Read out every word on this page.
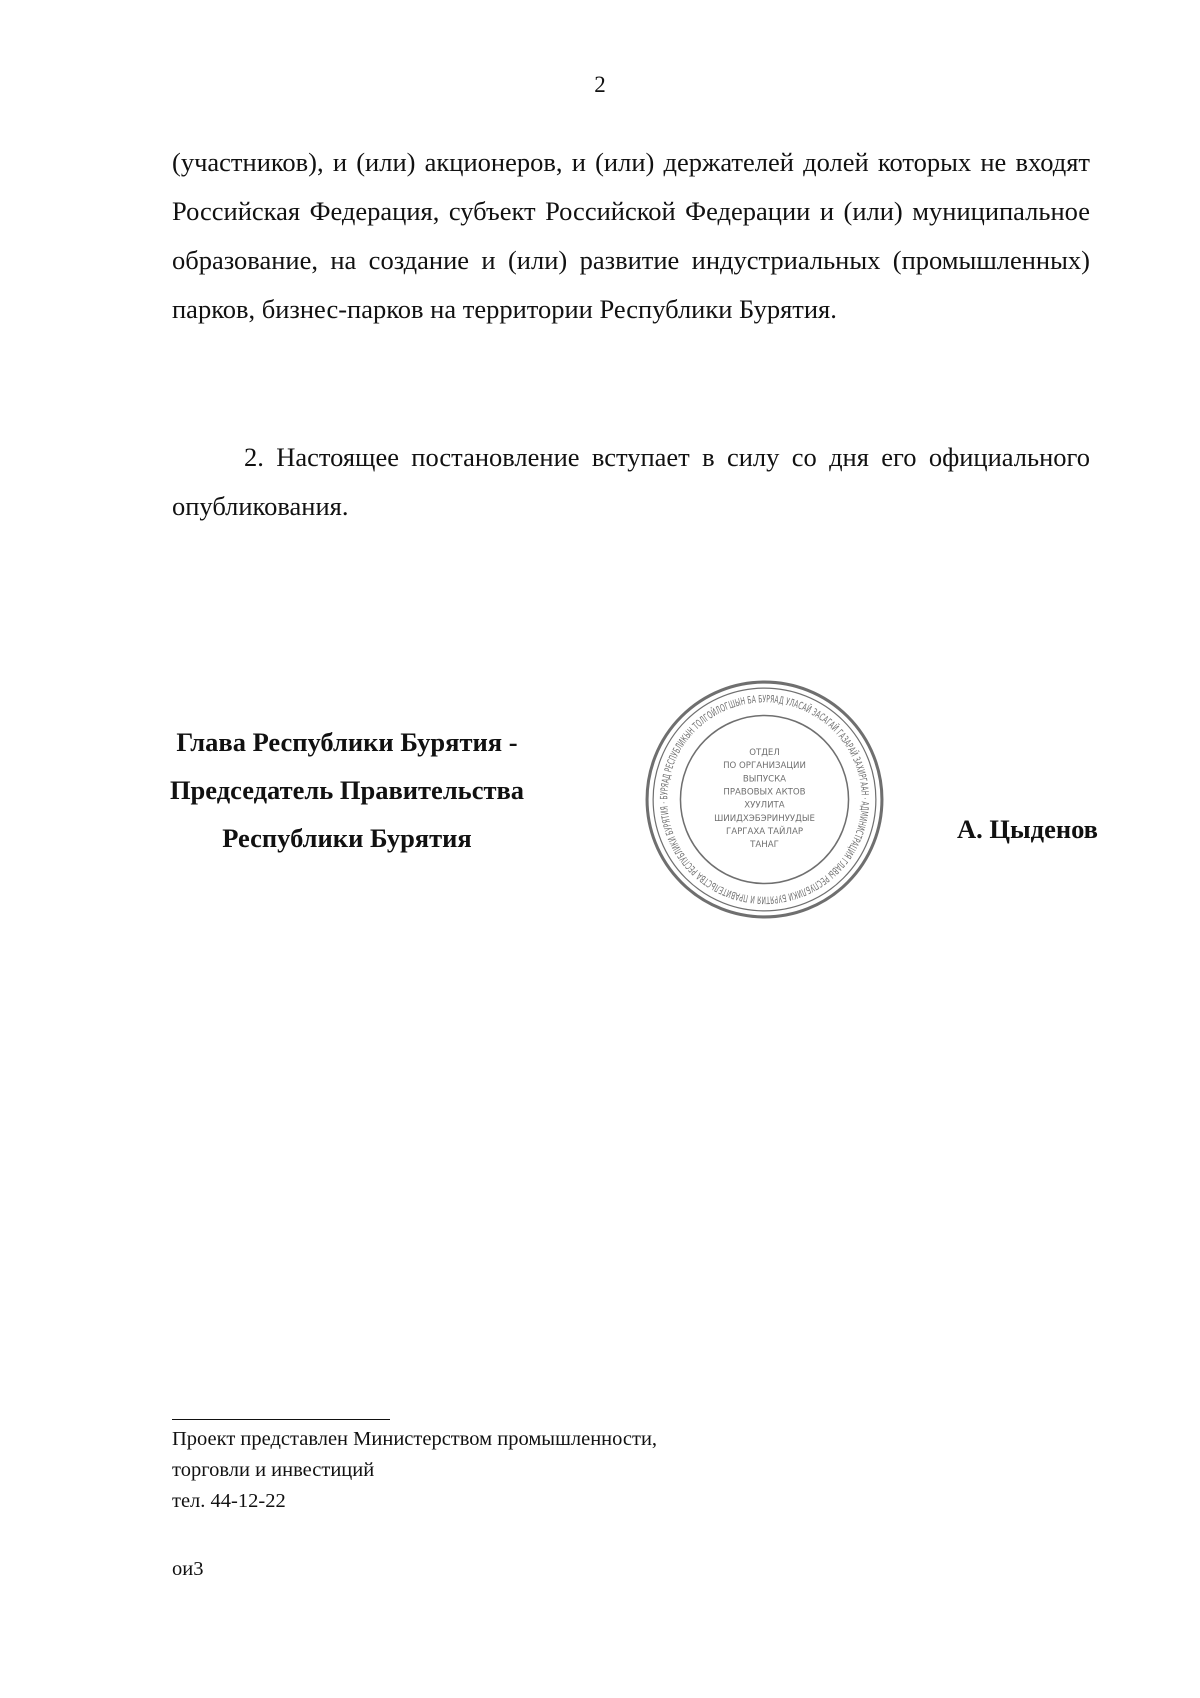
2
(участников), и (или) акционеров, и (или) держателей долей которых не входят Российская Федерация, субъект Российской Федерации и (или) муниципальное образование, на создание и (или) развитие индустриальных (промышленных) парков, бизнес-парков на территории Республики Бурятия.
2. Настоящее постановление вступает в силу со дня его официального опубликования.
Глава Республики Бурятия -
Председатель Правительства
Республики Бурятия
БУРЯАД РЕСПУБЛИКЫН ТОЛГОЙЛОГШЫН БА БУРЯАД УЛАСАЙ ЗАСАГАЙ ГАЗАРАЙ ЗАХИРГААН · АДМИНИСТРАЦИЯ ГЛАВЫ РЕСПУБЛИКИ БУРЯТИЯ И ПРАВИТЕЛЬСТВА РЕСПУБЛИКИ БУРЯТИЯ ·
ОТДЕЛ
ПО ОРГАНИЗАЦИИ
ВЫПУСКА
ПРАВОВЫХ АКТОВ
ХУУЛИТА
ШИИДХЭБЭРИНУУДЫЕ
ГАРГАХА ТАЙЛАР
ТАНАГ
А. Цыденов
Проект представлен Министерством промышленности,
торговли и инвестиций
тел. 44-12-22
ои3
